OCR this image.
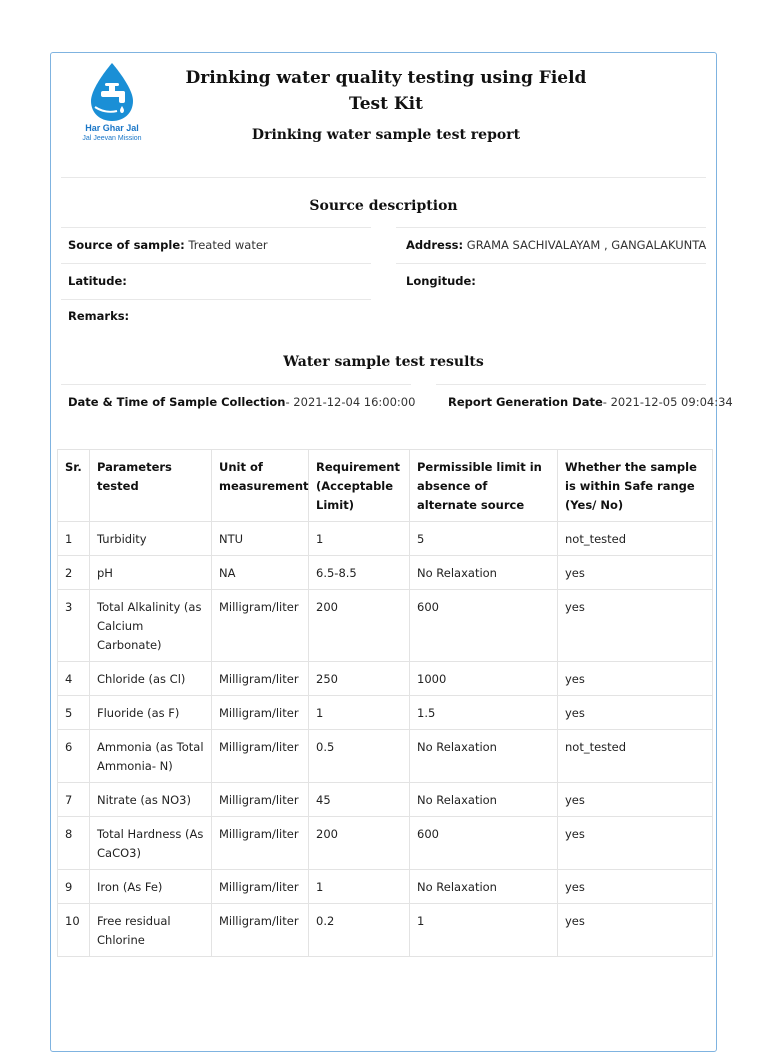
Har Ghar Jal
Jal Jeevan Mission
Drinking water quality testing using Field Test Kit
Drinking water sample test report
Source description
Source of sample: Treated water	Address: GRAMA SACHIVALAYAM , GANGALAKUNTA
Latitude:	Longitude:
Remarks:
Water sample test results
Date & Time of Sample Collection- 2021-12-04 16:00:00	Report Generation Date- 2021-12-05 09:04:34
Sr.	Parameters tested	Unit of measurement	Requirement (Acceptable Limit)	Permissible limit in absence of alternate source	Whether the sample is within Safe range (Yes/ No)
1	Turbidity	NTU	1	5	not_tested
2	pH	NA	6.5-8.5	No Relaxation	yes
3	Total Alkalinity (as Calcium Carbonate)	Milligram/liter	200	600	yes
4	Chloride (as Cl)	Milligram/liter	250	1000	yes
5	Fluoride (as F)	Milligram/liter	1	1.5	yes
6	Ammonia (as Total Ammonia- N)	Milligram/liter	0.5	No Relaxation	not_tested
7	Nitrate (as NO3)	Milligram/liter	45	No Relaxation	yes
8	Total Hardness (As CaCO3)	Milligram/liter	200	600	yes
9	Iron (As Fe)	Milligram/liter	1	No Relaxation	yes
10	Free residual Chlorine	Milligram/liter	0.2	1	yes
